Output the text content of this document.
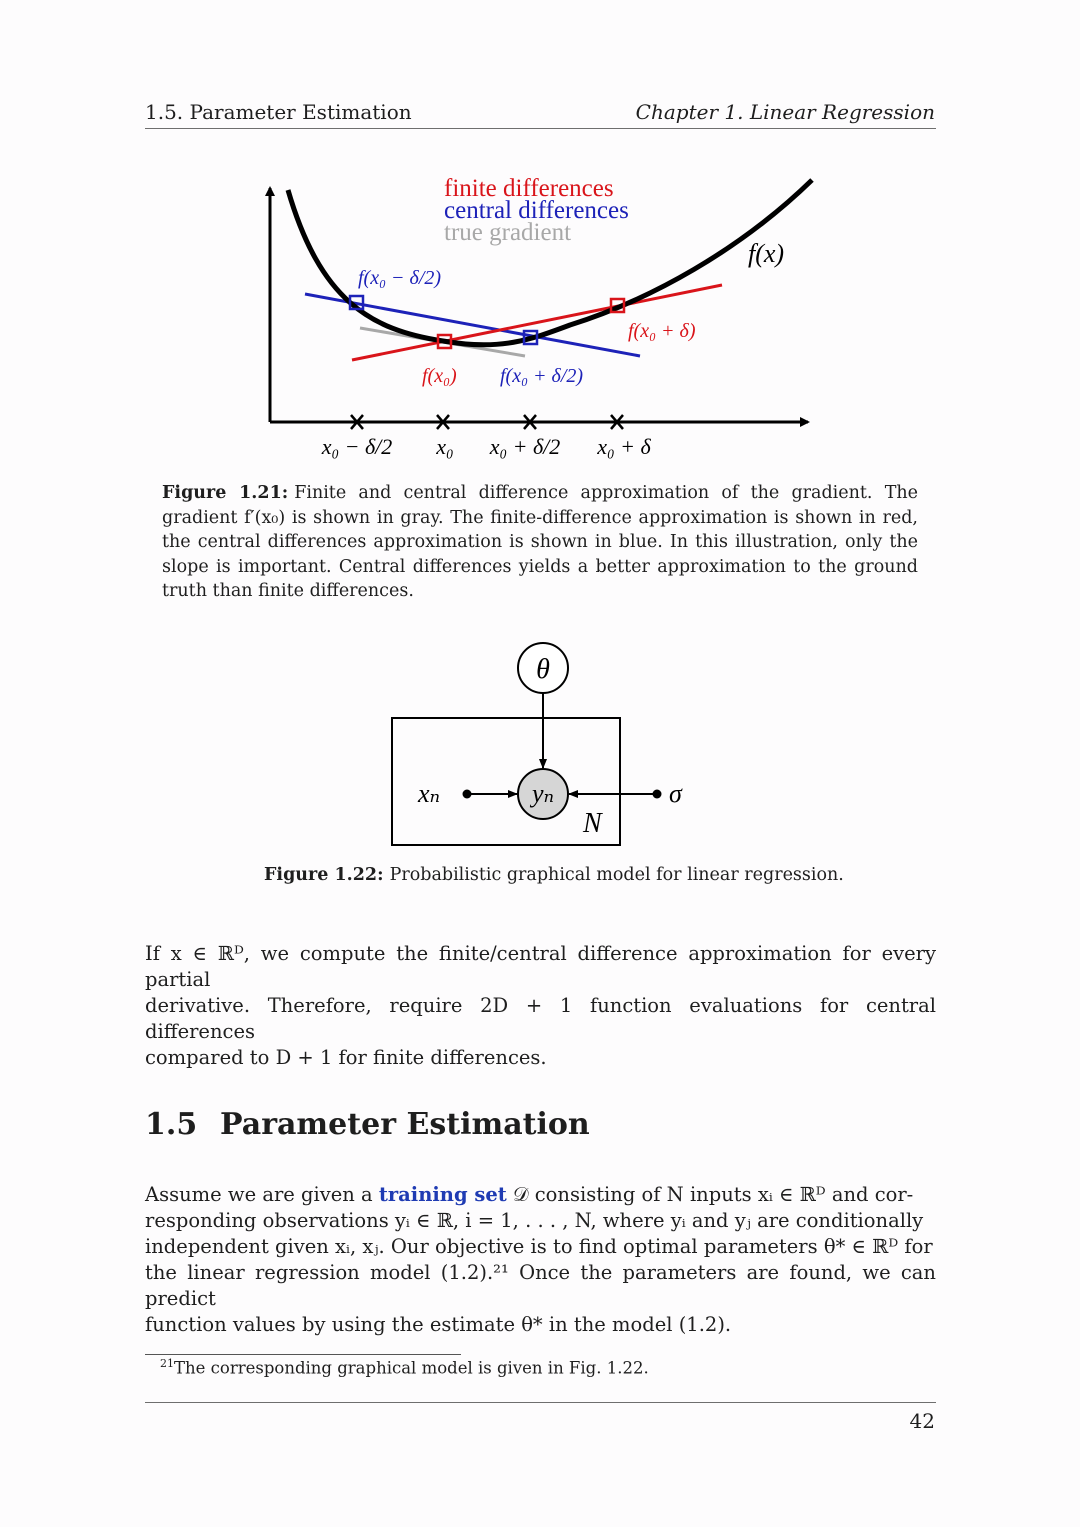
1.5. Parameter Estimation	Chapter 1. Linear Regression
finite differences
central differences
true gradient
f(x)
f(x₀ − δ/2)
f(x₀ + δ)
f(x₀) f(x₀ + δ/2)
x₀ − δ/2 x₀ x₀ + δ/2 x₀ + δ

Figure 1.21: Finite and central difference approximation of the gradient. The gradient f′(x₀) is shown in gray. The finite-difference approximation is shown in red, the central differences approximation is shown in blue. In this illustration, only the slope is important. Central differences yields a better approximation to the ground truth than finite differences.

θ
yₙ
xₙ	σ
N

Figure 1.22: Probabilistic graphical model for linear regression.

If x ∈ ℝᴰ, we compute the finite/central difference approximation for every partial

derivative. Therefore, require 2D + 1 function evaluations for central differences

compared to D + 1 for finite differences.

1.5 Parameter Estimation

Assume we are given a training set 𝒟 consisting of N inputs xᵢ ∈ ℝᴰ and cor-

responding observations yᵢ ∈ ℝ, i = 1, . . . , N, where yᵢ and yⱼ are conditionally

independent given xᵢ, xⱼ. Our objective is to find optimal parameters θ* ∈ ℝᴰ for

the linear regression model (1.2).²¹ Once the parameters are found, we can predict

function values by using the estimate θ* in the model (1.2).

$^{21}$The corresponding graphical model is given in Fig. 1.22.
42
